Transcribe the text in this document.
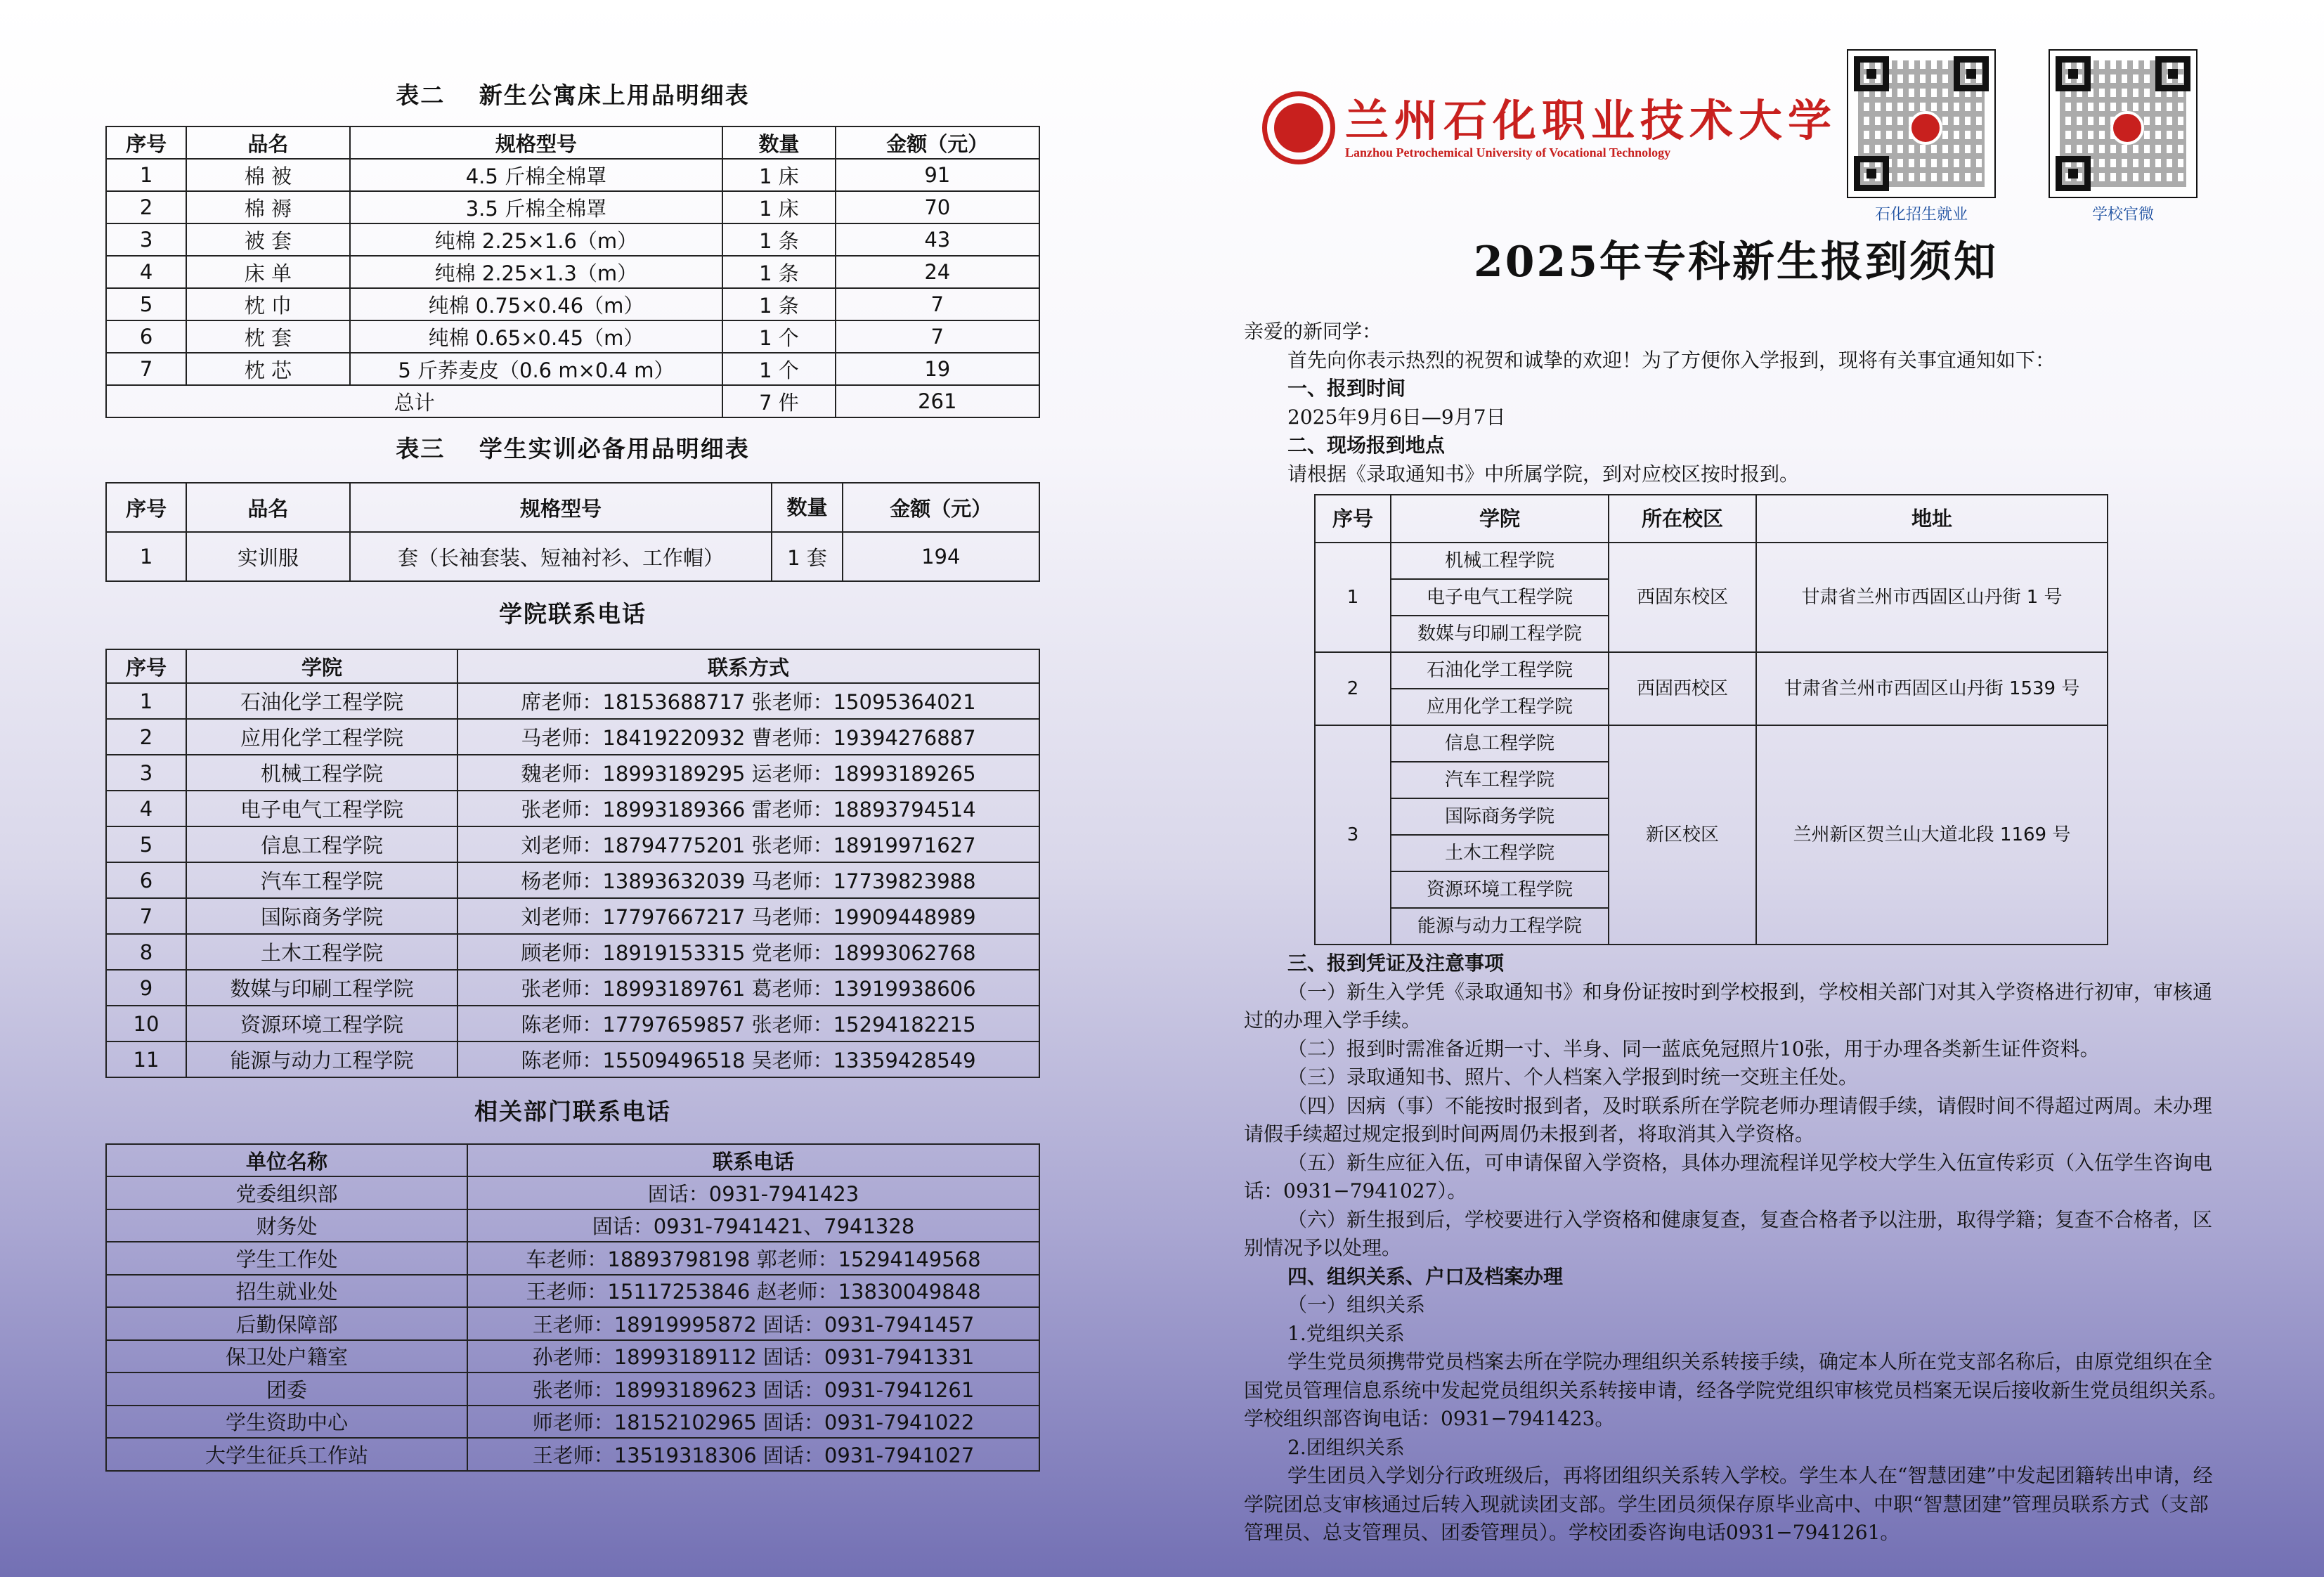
表二　 新生公寓床上用品明细表
序号	品名	规格型号	数量	金额（元）
1	棉 被	4.5 斤棉全棉罩	1 床	91
2	棉 褥	3.5 斤棉全棉罩	1 床	70
3	被 套	纯棉 2.25×1.6（m）	1 条	43
4	床 单	纯棉 2.25×1.3（m）	1 条	24
5	枕 巾	纯棉 0.75×0.46（m）	1 条	7
6	枕 套	纯棉 0.65×0.45（m）	1 个	7
7	枕 芯	5 斤荞麦皮（0.6 m×0.4 m）	1 个	19
总计			7 件	261
表三　 学生实训必备用品明细表
序号	品名	规格型号	数量	金额（元）
1	实训服	套（长袖套装、短袖衬衫、工作帽）	1 套	194
学院联系电话
序号	学院	联系方式
1	石油化学工程学院	席老师：18153688717 张老师：15095364021
2	应用化学工程学院	马老师：18419220932 曹老师：19394276887
3	机械工程学院	魏老师：18993189295 运老师：18993189265
4	电子电气工程学院	张老师：18993189366 雷老师：18893794514
5	信息工程学院	刘老师：18794775201 张老师：18919971627
6	汽车工程学院	杨老师：13893632039 马老师：17739823988
7	国际商务学院	刘老师：17797667217 马老师：19909448989
8	土木工程学院	顾老师：18919153315 党老师：18993062768
9	数媒与印刷工程学院	张老师：18993189761 葛老师：13919938606
10	资源环境工程学院	陈老师：17797659857 张老师：15294182215
11	能源与动力工程学院	陈老师：15509496518 吴老师：13359428549
相关部门联系电话
单位名称	联系电话
党委组织部	固话：0931-7941423
财务处	固话：0931-7941421、7941328
学生工作处	车老师：18893798198 郭老师：15294149568
招生就业处	王老师：15117253846 赵老师：13830049848
后勤保障部	王老师：18919995872 固话：0931-7941457
保卫处户籍室	孙老师：18993189112 固话：0931-7941331
团委	张老师：18993189623 固话：0931-7941261
学生资助中心	师老师：18152102965 固话：0931-7941022
大学生征兵工作站	王老师：13519318306 固话：0931-7941027
兰州石化职业技术大学
Lanzhou Petrochemical University of Vocational Technology
石化招生就业	学校官微
2025年专科新生报到须知

亲爱的新同学：

首先向你表示热烈的祝贺和诚挚的欢迎！为了方便你入学报到，现将有关事宜通知如下：

一、报到时间

2025年9月6日—9月7日

二、现场报到地点

请根据《录取通知书》中所属学院，到对应校区按时报到。

序号	学院	所在校区	地址
1	机械工程学院	西固东校区	甘肃省兰州市西固区山丹街 1 号
	电子电气工程学院		
	数媒与印刷工程学院		
2	石油化学工程学院	西固西校区	甘肃省兰州市西固区山丹街 1539 号
	应用化学工程学院		
3	信息工程学院	新区校区	兰州新区贺兰山大道北段 1169 号
	汽车工程学院		
	国际商务学院		
	土木工程学院		
	资源环境工程学院		
	能源与动力工程学院		

三、报到凭证及注意事项

（一）新生入学凭《录取通知书》和身份证按时到学校报到，学校相关部门对其入学资格进行初审，审核通过的办理入学手续。

（二）报到时需准备近期一寸、半身、同一蓝底免冠照片10张，用于办理各类新生证件资料。

（三）录取通知书、照片、个人档案入学报到时统一交班主任处。

（四）因病（事）不能按时报到者，及时联系所在学院老师办理请假手续，请假时间不得超过两周。未办理请假手续超过规定报到时间两周仍未报到者，将取消其入学资格。

（五）新生应征入伍，可申请保留入学资格，具体办理流程详见学校大学生入伍宣传彩页（入伍学生咨询电话：0931−7941027）。

（六）新生报到后，学校要进行入学资格和健康复查，复查合格者予以注册，取得学籍；复查不合格者，区别情况予以处理。

四、组织关系、户口及档案办理

（一）组织关系

1.党组织关系

学生党员须携带党员档案去所在学院办理组织关系转接手续，确定本人所在党支部名称后，由原党组织在全国党员管理信息系统中发起党员组织关系转接申请，经各学院党组织审核党员档案无误后接收新生党员组织关系。学校组织部咨询电话：0931−7941423。

2.团组织关系

学生团员入学划分行政班级后，再将团组织关系转入学校。学生本人在“智慧团建”中发起团籍转出申请，经学院团总支审核通过后转入现就读团支部。学生团员须保存原毕业高中、中职“智慧团建”管理员联系方式（支部管理员、总支管理员、团委管理员）。学校团委咨询电话0931−7941261。
